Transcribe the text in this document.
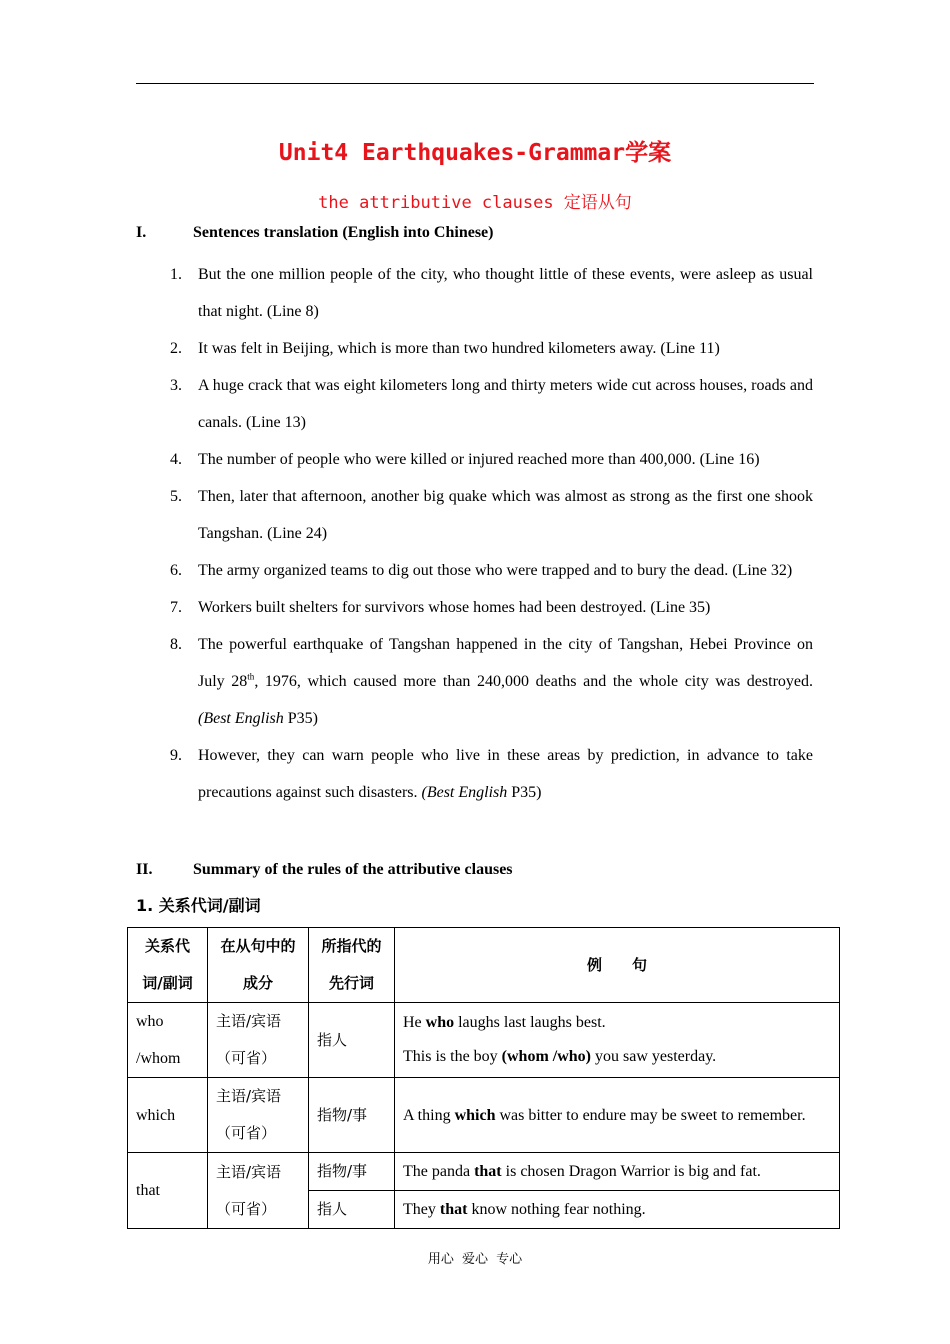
Unit4 Earthquakes-Grammar学案
the attributive clauses 定语从句
I.	Sentences translation (English into Chinese)
1.	But the one million people of the city, who thought little of these events, were asleep as usual that night. (Line 8)
2.	It was felt in Beijing, which is more than two hundred kilometers away. (Line 11)
3.	A huge crack that was eight kilometers long and thirty meters wide cut across houses, roads and canals. (Line 13)
4.	The number of people who were killed or injured reached more than 400,000. (Line 16)
5.	Then, later that afternoon, another big quake which was almost as strong as the first one shook Tangshan. (Line 24)
6.	The army organized teams to dig out those who were trapped and to bury the dead. (Line 32)
7.	Workers built shelters for survivors whose homes had been destroyed. (Line 35)
8.	The powerful earthquake of Tangshan happened in the city of Tangshan, Hebei Province on July 28th, 1976, which caused more than 240,000 deaths and the whole city was destroyed. (Best English P35)
9.	However, they can warn people who live in these areas by prediction, in advance to take precautions against such disasters. (Best English P35)
II.	Summary of the rules of the attributive clauses
1. 关系代词/副词
关系代词/副词	在从句中的成分	所指代的先行词	例　　句
who /whom	主语/宾语（可省）	指人	He who laughs last laughs best.
This is the boy (whom /who) you saw yesterday.

which	主语/宾语（可省）	指物/事	A thing which was bitter to endure may be sweet to remember.
that	主语/宾语（可省）	指物/事	The panda that is chosen Dragon Warrior is big and fat.
		指人	They that know nothing fear nothing.
用心 爱心 专心
